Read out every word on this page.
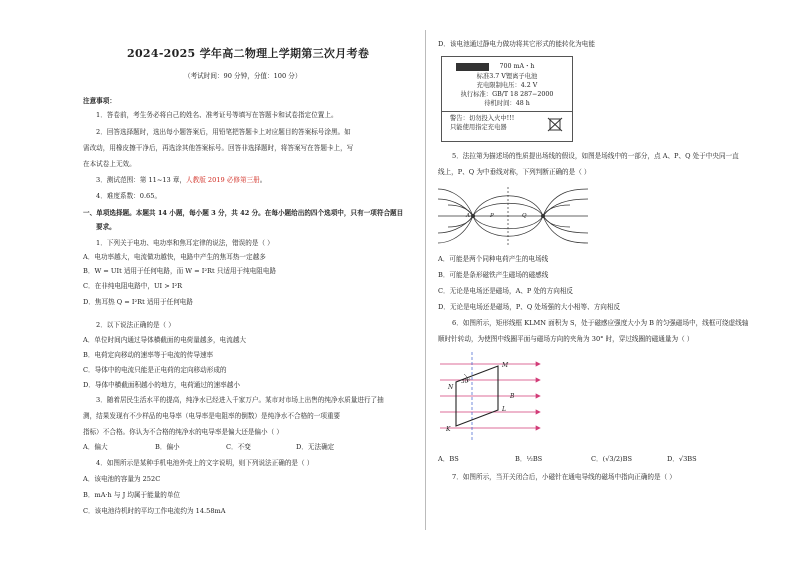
2024-2025 学年高二物理上学期第三次月考卷
（考试时间：90 分钟，分值：100 分）
注意事项：
1．答卷前，考生务必将自己的姓名、准考证号等填写在答题卡和试卷指定位置上。
2．回答选择题时，选出每小题答案后，用铅笔把答题卡上对应题目的答案标号涂黑。如
需改动，用橡皮擦干净后，再选涂其他答案标号。回答非选择题时，将答案写在答题卡上，写
在本试卷上无效。
3．测试范围：第 11~13 章，人教版 2019 必修第三册。
4．难度系数：0.65。
一、单项选择题。本题共 14 小题，每小题 3 分，共 42 分。在每小题给出的四个选项中，只有一项符合题目
要求。
1．下列关于电功、电功率和焦耳定律的说法，错误的是（ ）
A．电功率越大，电流做功越快，电路中产生的焦耳热一定越多
B．W = UIt 适用于任何电路，而 W = I²Rt 只适用于纯电阻电路
C．在非纯电阻电路中，UI > I²R
D．焦耳热 Q = I²Rt 适用于任何电路
2．以下说法正确的是（ ）
A．单位时间内通过导体横截面的电荷量越多，电流越大
B．电荷定向移动的速率等于电流的传导速率
C．导体中的电流只能是正电荷的定向移动形成的
D．导体中横截面积越小的地方，电荷通过的速率越小
3．随着居民生活水平的提高，纯净水已经进入千家万户。某市对市场上出售的纯净水质量进行了抽
测，结果发现有不少样品的电导率（电导率是电阻率的倒数）是纯净水不合格的一项重要
指标）不合格。你认为不合格的纯净水的电导率是偏大还是偏小（ ）
A．偏大	B．偏小	C．不变	D．无法确定
4．如图所示是某种手机电池外壳上的文字说明，则下列说法正确的是（ ）
A．该电池的容量为 252C
B．mA·h 与 J 均属于能量的单位
C．该电池待机时的平均工作电流约为 14.58mA
D．该电池通过静电力做功将其它形式的能转化为电能
700 mA・h
标准3.7 V锂离子电池
充电限制电压：4.2 V
执行标准：GB/T 18 287−2000
待机时间：48 h
警告：切勿投入火中!!!
只能使用指定充电器
5．法拉第为描述场的性质提出场线的假设，如图是场线中的一部分，点 A、P、Q 处于中央同一直
线上，P、Q 为中垂线对称，下列判断正确的是（ ）
A	P	Q
A．可能是两个同种电荷产生的电场线
B．可能是条形磁铁产生磁场的磁感线
C．无论是电场还是磁场，A、P 处的方向相反
D．无论是电场还是磁场，P、Q 处场强的大小相等、方向相反
6．如图所示，矩形线框 KLMN 面积为 S，处于磁感应强度大小为 B 的匀强磁场中，线框可绕虚线轴
顺时针转动，为使图中线圈平面与磁场方向的夹角为 30° 时，穿过线圈的磁通量为（ ）
30°
M
N
B
L
K
A．BS	B．½BS	C．(√3/2)BS	D．√3BS
7．如图所示，当开关闭合后，小磁针在通电导线的磁场中指向正确的是（ ）
